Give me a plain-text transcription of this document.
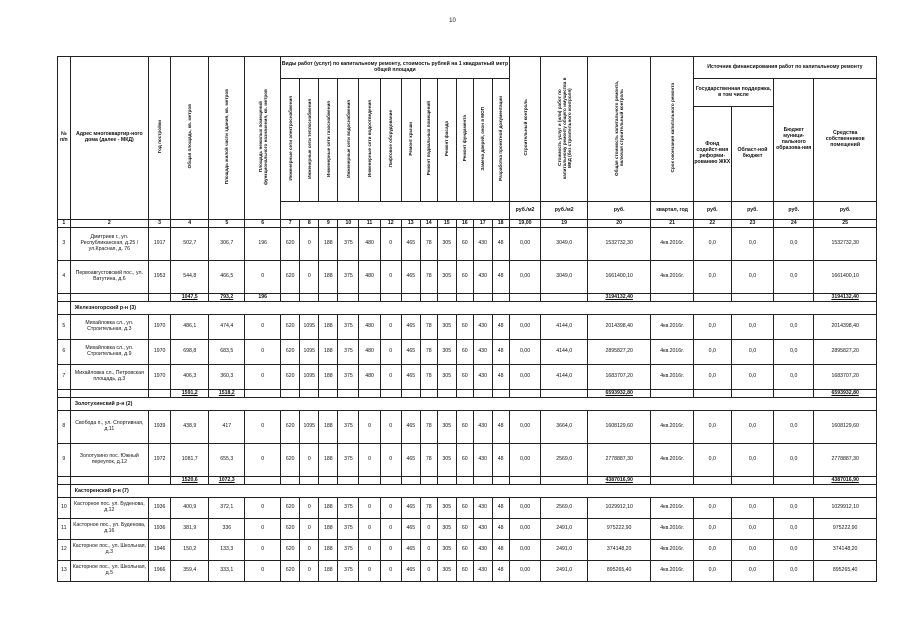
10
№ п/п	Адрес многоквартир-ного дома (далее - МКД)	Год постройки	Общая площадь, кв. метров	Площадь жилой части здания, кв. метров	Площадь нежилых помещений функционального назначения, кв. метров	Виды работ (услуг) по капитальному ремонту, стоимость рублей на 1 квадратный метр общей площади												Строительный контроль	Стоимость услуг и (или) работ по капитальному ремонту общего имущества в МКД (без строительного контроля)	Общая стоимость капитального ремонта, включая строительный контроль	Срок окончания капитального ремонта	Источник финансирования работ по капитальному ремонту			
						Инженерные сети электроснабжения	Инженерные сети теплоснабжения	Инженерные сети газоснабжения	Инженерные сети водоснабжения	Инженерные сети водоотведения	Лифтовое оборудование	Ремонт крыши	Ремонт подвальных помещений	Ремонт фасада	Ремонт фундамента	Замена дверей, окон в МОП	Разработка проектной документации					Государственная поддержка, в том числе		Бюджет муници-пального образова-ния	Средства собственников помещений
																						Фонд содейст-вия реформи-рованию ЖКХ	Област-ной бюджет		
																		руб./м2	руб./м2	руб.	квартал, год	руб.	руб.	руб.	руб.
1	2	3	4	5	6	7	8	9	10	11	12	13	14	15	16	17	18	19,00	19	20	21	22	23	24	25
3	Дмитриев г., ул. Республиканская, д.25 / ул.Красная, д. 76	1917	502,7	306,7	196	620	0	188	375	480	0	465	78	305	60	430	48	0,00	3049,0	1532732,30	4кв.2016г.	0,0	0,0	0,0	1532732,30
4	Первоавгустовский пос., ул. Ватутина, д.6	1953	544,8	466,5	0	620	0	188	375	480	0	465	78	305	60	430	48	0,00	3049,0	1661400,10	4кв.2016г.	0,0	0,0	0,0	1661400,10
			1047,5	793,2	196															3194132,40					3194132,40
	Железногорский р-н (3)																								
5	Михайловка сл., ул. Строительная, д.3	1970	486,1	474,4	0	620	1095	188	375	480	0	465	78	305	60	430	48	0,00	4144,0	2014398,40	4кв.2016г.	0,0	0,0	0,0	2014398,40
6	Михайловка сл., ул. Строительная, д.9	1970	698,8	683,5	0	620	1095	188	375	480	0	465	78	305	60	430	48	0,00	4144,0	2895827,20	4кв.2016г.	0,0	0,0	0,0	2895827,20
7	Михайловка сл., Петровская площадь, д.3	1970	406,3	360,3	0	620	1095	188	375	480	0	465	78	305	60	430	48	0,00	4144,0	1683707,20	4кв.2016г.	0,0	0,0	0,0	1683707,20
			1591,2	1518,2																6593932,80					6593932,80
	Золотухинский р-н (2)																								
8	Свобода п., ул. Спортивная, д.11	1939	438,9	417	0	620	1095	188	375	0	0	465	78	305	60	430	48	0,00	3664,0	1608129,60	4кв.2016г.	0,0	0,0	0,0	1608129,60
9	Золотухино пос. Южный переулок, д.12	1972	1081,7	655,3	0	620	0	188	375	0	0	465	78	305	60	430	48	0,00	2569,0	2778887,30	4кв.2016г.	0,0	0,0	0,0	2778887,30
			1520,6	1072,3																4387016,90					4387016,90
	Касторенский р-н (7)																								
10	Касторное пос. ул. Буденова, д.12	1936	400,9	372,1	0	620	0	188	375	0	0	465	78	305	60	430	48	0,00	2569,0	1029912,10	4кв.2016г.	0,0	0,0	0,0	1029912,10
11	Касторное пос., ул. Буденова, д.16	1936	381,9	336	0	620	0	188	375	0	0	465	0	305	60	430	48	0,00	2491,0	975222,90	4кв.2016г.	0,0	0,0	0,0	975222,90
12	Касторное пос., ул. Школьная, д.3	1946	150,2	133,3	0	620	0	188	375	0	0	465	0	305	60	430	48	0,00	2491,0	374148,20	4кв.2016г.	0,0	0,0	0,0	374148,20
13	Касторное пос., ул. Школьная, д.5	1966	359,4	333,1	0	620	0	188	375	0	0	465	0	305	60	430	48	0,00	2491,0	895265,40	4кв.2016г.	0,0	0,0	0,0	895265,40
